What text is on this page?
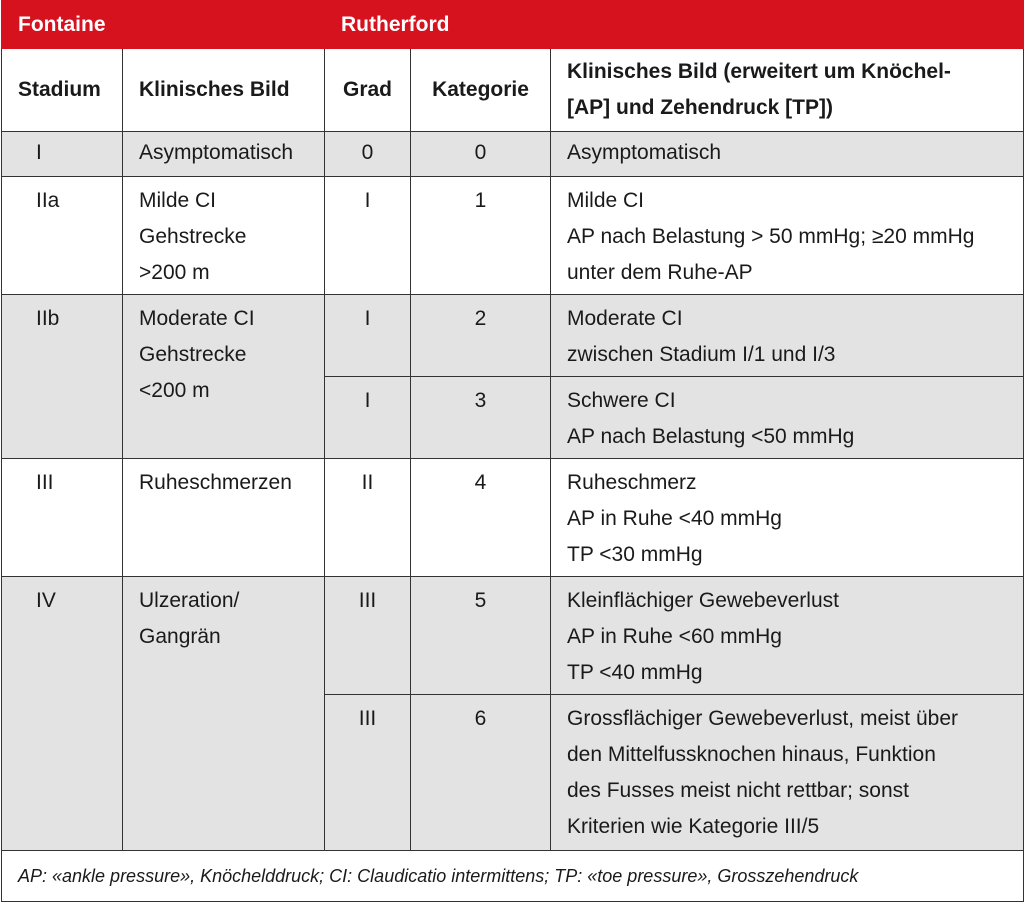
Fontaine		Rutherford		
Stadium	Klinisches Bild	Grad	Kategorie	Klinisches Bild (erweitert um Knöchel-
[AP] und Zehendruck [TP])

I	Asymptomatisch	0	0	Asymptomatisch

IIa	Milde CI
Gehstrecke
>200 m	I	1	Milde CI
AP nach Belastung > 50 mmHg; ≥20 mmHg
unter dem Ruhe-AP

IIb	Moderate CI
Gehstrecke
<200 m	I	2	Moderate CI
zwischen Stadium I/1 und I/3

		I	3	Schwere CI
AP nach Belastung <50 mmHg

III	Ruheschmerzen	II	4	Ruheschmerz
AP in Ruhe <40 mmHg
TP <30 mmHg

IV	Ulzeration/
Gangrän	III	5	Kleinflächiger Gewebeverlust
AP in Ruhe <60 mmHg
TP <40 mmHg

		III	6	Grossflächiger Gewebeverlust, meist über
den Mittelfussknochen hinaus, Funktion
des Fusses meist nicht rettbar; sonst
Kriterien wie Kategorie III/5

AP: «ankle pressure», Knöchelddruck; CI: Claudicatio intermittens; TP: «toe pressure», Grosszehendruck				
